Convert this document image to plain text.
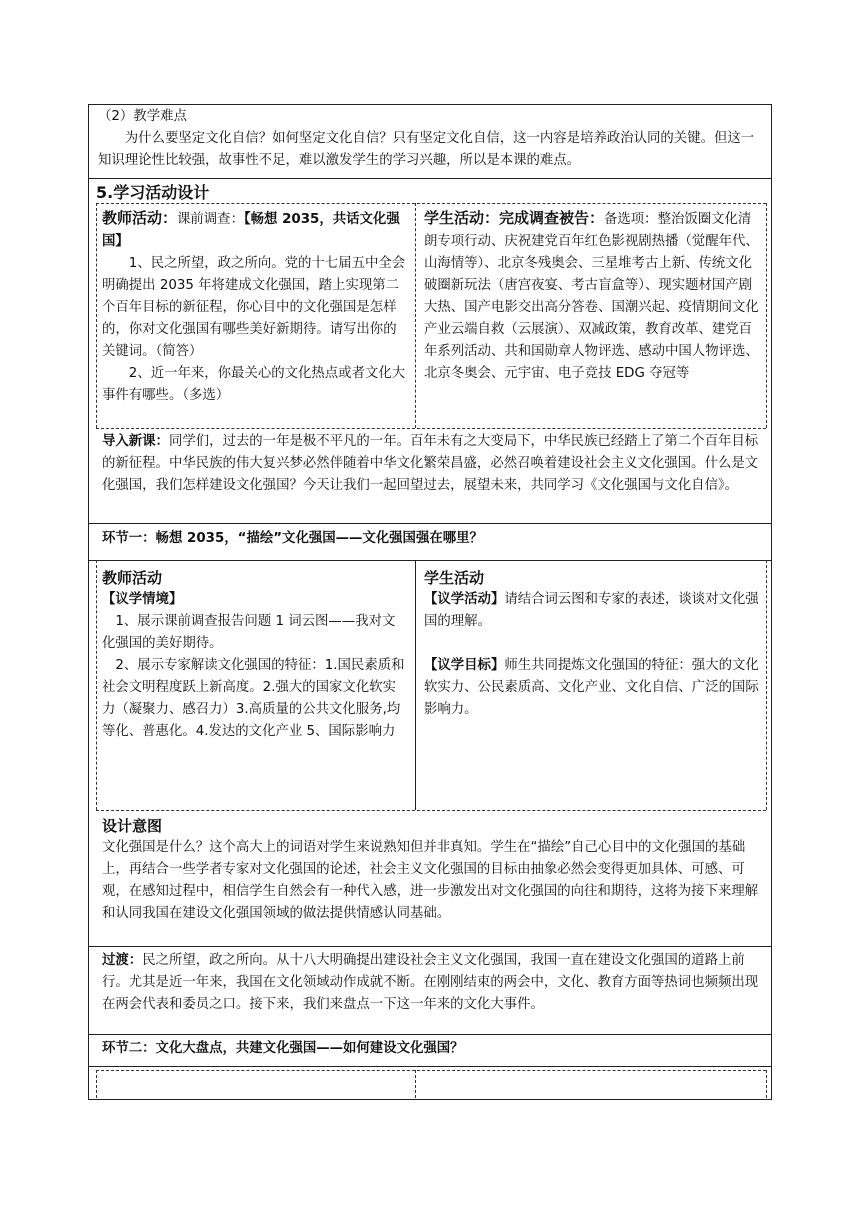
（2）教学难点

为什么要坚定文化自信？如何坚定文化自信？只有坚定文化自信，这一内容是培养政治认同的关键。但这一知识理论性比较强，故事性不足，难以激发学生的学习兴趣，所以是本课的难点。

5.学习活动设计

教师活动：课前调查：【畅想 2035，共话文化强国】

1、民之所望，政之所向。党的十七届五中全会明确提出 2035 年将建成文化强国，踏上实现第二个百年目标的新征程，你心目中的文化强国是怎样的，你对文化强国有哪些美好新期待。请写出你的关键词。（简答）

2、近一年来，你最关心的文化热点或者文化大事件有哪些。（多选）

学生活动：完成调查被告：备选项：整治饭圈文化清朗专项行动、庆祝建党百年红色影视剧热播（觉醒年代、山海情等）、北京冬残奥会、三星堆考古上新、传统文化破圈新玩法（唐宫夜宴、考古盲盒等）、现实题材国产剧大热、国产电影交出高分答卷、国潮兴起、疫情期间文化产业云端自救（云展演）、双减政策，教育改革、建党百年系列活动、共和国勋章人物评选、感动中国人物评选、北京冬奥会、元宇宙、电子竞技 EDG 夺冠等

导入新课：同学们，过去的一年是极不平凡的一年。百年未有之大变局下，中华民族已经踏上了第二个百年目标的新征程。中华民族的伟大复兴梦必然伴随着中华文化繁荣昌盛，必然召唤着建设社会主义文化强国。什么是文化强国，我们怎样建设文化强国？今天让我们一起回望过去，展望未来，共同学习《文化强国与文化自信》。

环节一：畅想 2035，“描绘”文化强国——文化强国强在哪里？

教师活动

【议学情境】

1、展示课前调查报告问题 1 词云图——我对文化强国的美好期待。

2、展示专家解读文化强国的特征：1.国民素质和社会文明程度跃上新高度。2.强大的国家文化软实力（凝聚力、感召力）3.高质量的公共文化服务,均等化、普惠化。4.发达的文化产业 5、国际影响力

学生活动

【议学活动】请结合词云图和专家的表述，谈谈对文化强国的理解。

【议学目标】师生共同提炼文化强国的特征：强大的文化软实力、公民素质高、文化产业、文化自信、广泛的国际影响力。

设计意图

文化强国是什么？这个高大上的词语对学生来说熟知但并非真知。学生在“描绘”自己心目中的文化强国的基础上，再结合一些学者专家对文化强国的论述，社会主义文化强国的目标由抽象必然会变得更加具体、可感、可观，在感知过程中，相信学生自然会有一种代入感，进一步激发出对文化强国的向往和期待，这将为接下来理解和认同我国在建设文化强国领域的做法提供情感认同基础。

过渡：民之所望，政之所向。从十八大明确提出建设社会主义文化强国，我国一直在建设文化强国的道路上前行。尤其是近一年来，我国在文化领域动作成就不断。在刚刚结束的两会中，文化、教育方面等热词也频频出现在两会代表和委员之口。接下来，我们来盘点一下这一年来的文化大事件。

环节二：文化大盘点，共建文化强国——如何建设文化强国？
